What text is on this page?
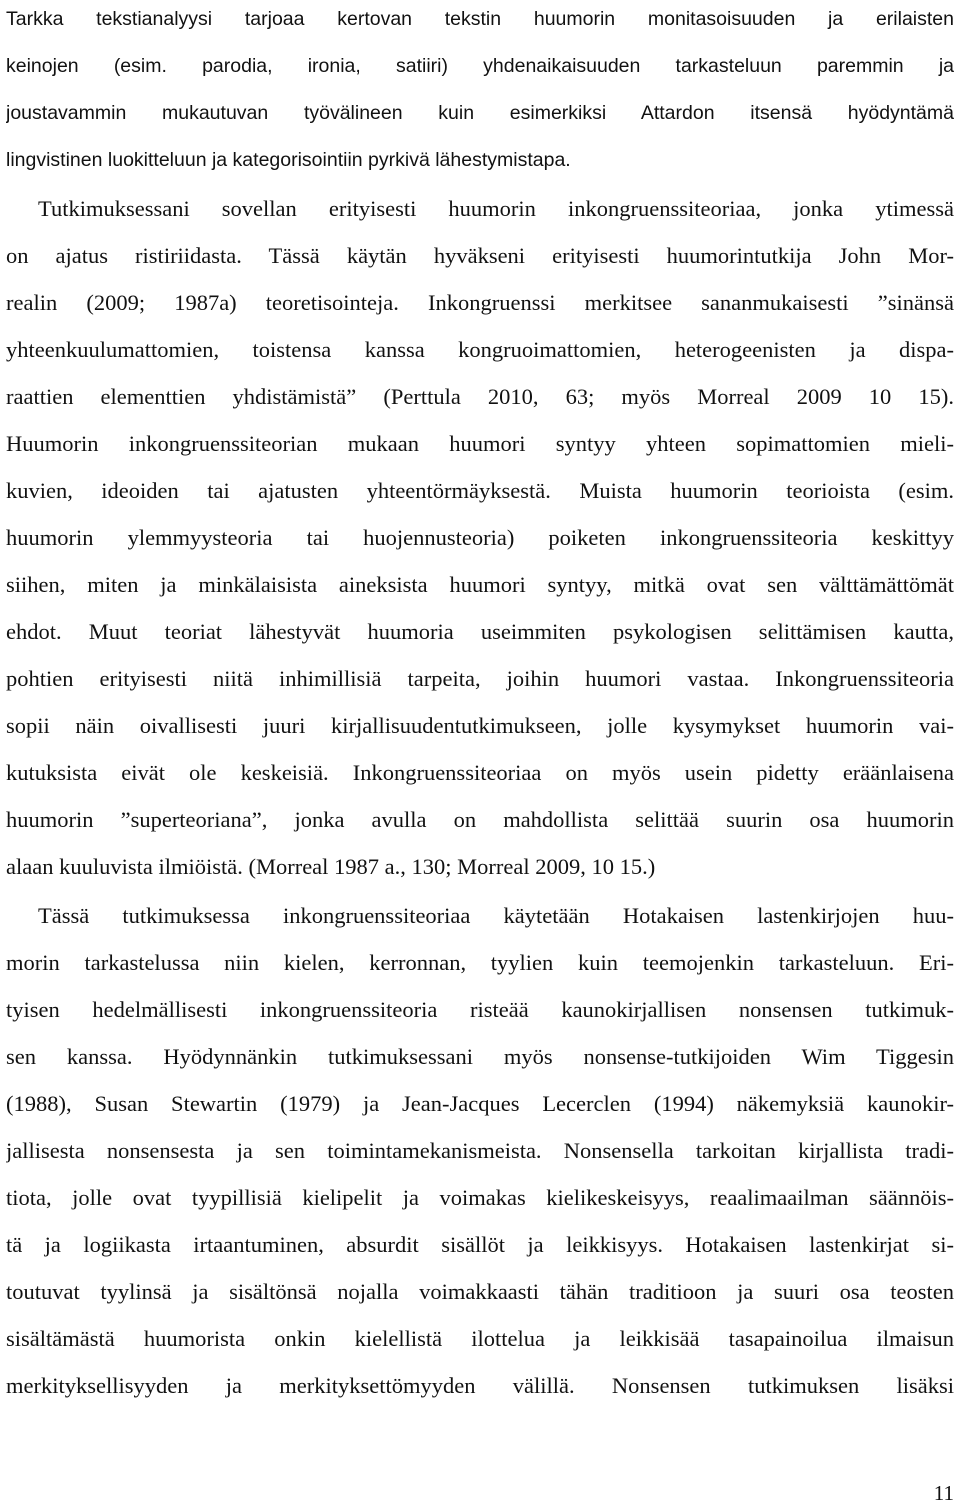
Tarkka tekstianalyysi tarjoaa kertovan tekstin huumorin monitasoisuuden ja erilaisten
keinojen (esim. parodia, ironia, satiiri) yhdenaikaisuuden tarkasteluun paremmin ja
joustavammin mukautuvan työvälineen kuin esimerkiksi Attardon itsensä hyödyntämä
lingvistinen luokitteluun ja kategorisointiin pyrkivä lähestymistapa.
Tutkimuksessani sovellan erityisesti huumorin inkongruenssiteoriaa, jonka ytimessä
on ajatus ristiriidasta. Tässä käytän hyväkseni erityisesti huumorintutkija John Mor-
realin (2009; 1987a) teoretisointeja. Inkongruenssi merkitsee sananmukaisesti ”sinänsä
yhteenkuulumattomien, toistensa kanssa kongruoimattomien, heterogeenisten ja dispa-
raattien elementtien yhdistämistä” (Perttula 2010, 63; myös Morreal 2009 10 15).
Huumorin inkongruenssiteorian mukaan huumori syntyy yhteen sopimattomien mieli-
kuvien, ideoiden tai ajatusten yhteentörmäyksestä. Muista huumorin teorioista (esim.
huumorin ylemmyysteoria tai huojennusteoria) poiketen inkongruenssiteoria keskittyy
siihen, miten ja minkälaisista aineksista huumori syntyy, mitkä ovat sen välttämättömät
ehdot. Muut teoriat lähestyvät huumoria useimmiten psykologisen selittämisen kautta,
pohtien erityisesti niitä inhimillisiä tarpeita, joihin huumori vastaa. Inkongruenssiteoria
sopii näin oivallisesti juuri kirjallisuudentutkimukseen, jolle kysymykset huumorin vai-
kutuksista eivät ole keskeisiä. Inkongruenssiteoriaa on myös usein pidetty eräänlaisena
huumorin ”superteoriana”, jonka avulla on mahdollista selittää suurin osa huumorin
alaan kuuluvista ilmiöistä. (Morreal 1987 a., 130; Morreal 2009, 10 15.)
Tässä tutkimuksessa inkongruenssiteoriaa käytetään Hotakaisen lastenkirjojen huu-
morin tarkastelussa niin kielen, kerronnan, tyylien kuin teemojenkin tarkasteluun. Eri-
tyisen hedelmällisesti inkongruenssiteoria risteää kaunokirjallisen nonsensen tutkimuk-
sen kanssa. Hyödynnänkin tutkimuksessani myös nonsense-tutkijoiden Wim Tiggesin
(1988), Susan Stewartin (1979) ja Jean-Jacques Lecerclen (1994) näkemyksiä kaunokir-
jallisesta nonsensesta ja sen toimintamekanismeista. Nonsensella tarkoitan kirjallista tradi-
tiota, jolle ovat tyypillisiä kielipelit ja voimakas kielikeskeisyys, reaalimaailman säännöis-
tä ja logiikasta irtaantuminen, absurdit sisällöt ja leikkisyys. Hotakaisen lastenkirjat si-
toutuvat tyylinsä ja sisältönsä nojalla voimakkaasti tähän traditioon ja suuri osa teosten
sisältämästä huumorista onkin kielellistä ilottelua ja leikkisää tasapainoilua ilmaisun
merkityksellisyyden ja merkityksettömyyden välillä. Nonsensen tutkimuksen lisäksi
11
